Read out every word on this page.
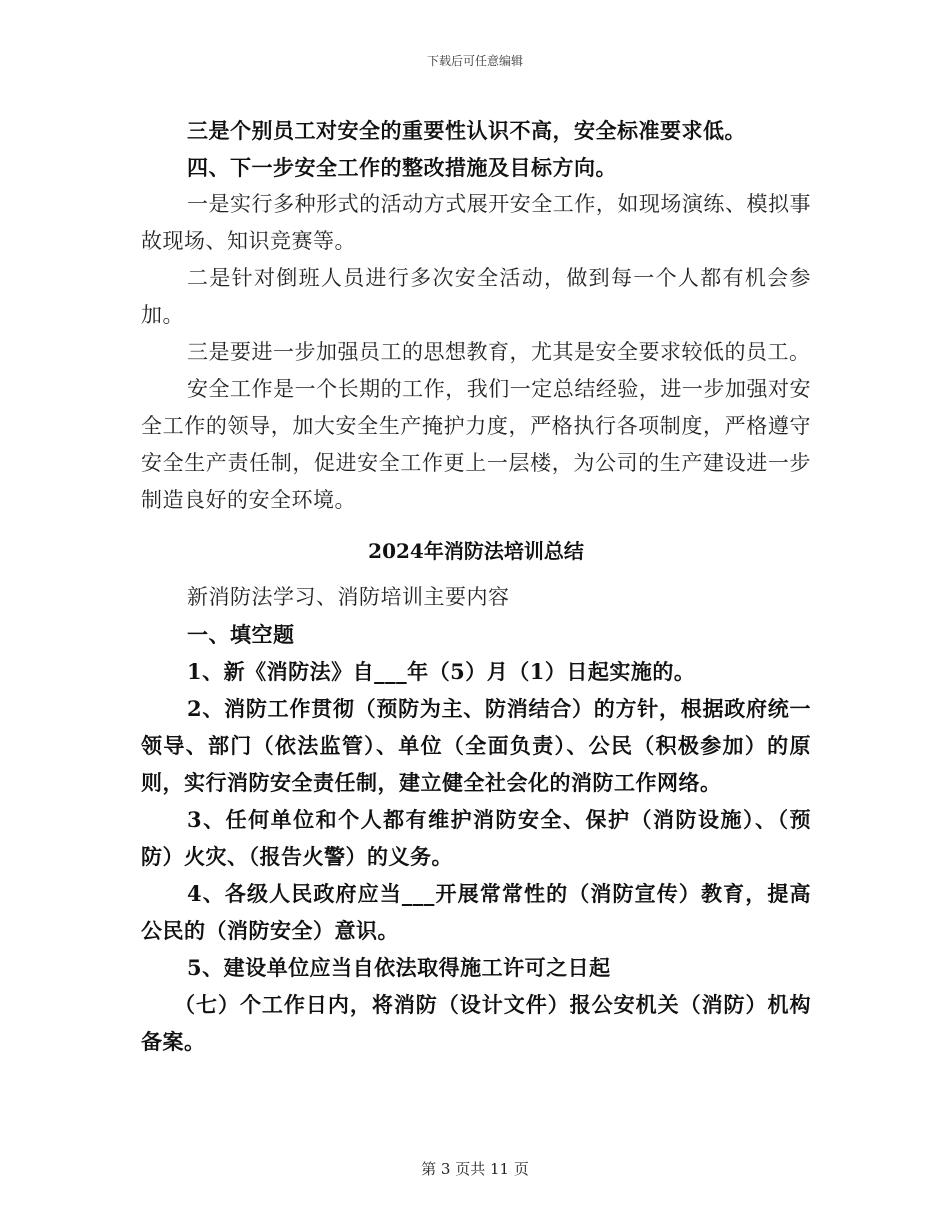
下载后可任意编辑

三是个别员工对安全的重要性认识不高，安全标准要求低。

四、下一步安全工作的整改措施及目标方向。

一是实行多种形式的活动方式展开安全工作，如现场演练、模拟事故现场、知识竞赛等。

二是针对倒班人员进行多次安全活动，做到每一个人都有机会参加。

三是要进一步加强员工的思想教育，尤其是安全要求较低的员工。

安全工作是一个长期的工作，我们一定总结经验，进一步加强对安全工作的领导，加大安全生产掩护力度，严格执行各项制度，严格遵守安全生产责任制，促进安全工作更上一层楼，为公司的生产建设进一步制造良好的安全环境。

2024年消防法培训总结

新消防法学习、消防培训主要内容

一、填空题

1、新《消防法》自___年（5）月（1）日起实施的。

2、消防工作贯彻（预防为主、防消结合）的方针，根据政府统一领导、部门（依法监管）、单位（全面负责）、公民（积极参加）的原则，实行消防安全责任制，建立健全社会化的消防工作网络。

3、任何单位和个人都有维护消防安全、保护（消防设施）、（预防）火灾、（报告火警）的义务。

4、各级人民政府应当___开展常常性的（消防宣传）教育，提高公民的（消防安全）意识。

5、建设单位应当自依法取得施工许可之日起

（七）个工作日内，将消防（设计文件）报公安机关（消防）机构备案。

第 3 页共 11 页
